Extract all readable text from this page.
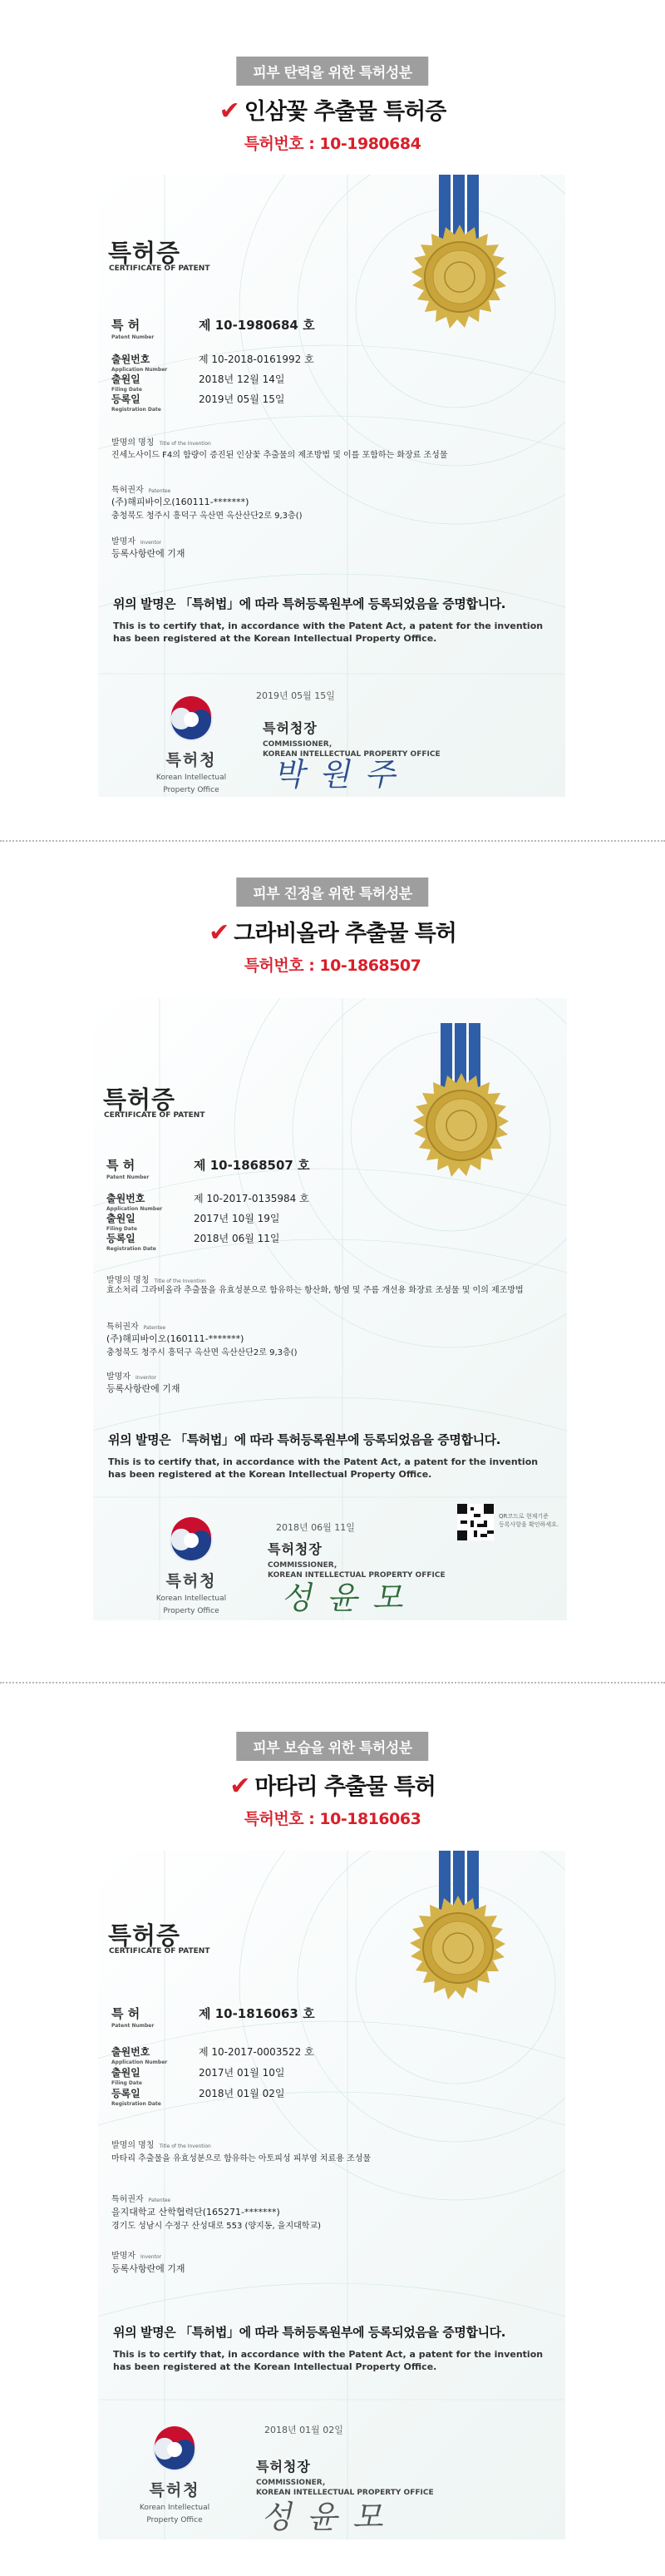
피부 탄력을 위한 특허성분
✔ 인삼꽃 추출물 특허증
특허번호 : 10-1980684
특허증
CERTIFICATE OF PATENT
특 허
Patent Number
제 10-1980684 호
출원번호
Application Number
제 10-2018-0161992 호
출원일
Filing Date
2018년 12월 14일
등록일
Registration Date
2019년 05월 15일
발명의 명칭 Title of the Invention
진세노사이드 F4의 함량이 증진된 인삼꽃 추출물의 제조방법 및 이를 포함하는 화장료 조성물
특허권자 Patentee
(주)해피바이오(160111-*******)
충청북도 청주시 흥덕구 옥산면 옥산산단2로 9,3층()
발명자 Inventor
등록사항란에 기재
위의 발명은 「특허법」에 따라 특허등록원부에 등록되었음을 증명합니다.
This is to certify that, in accordance with the Patent Act, a patent for the invention
has been registered at the Korean Intellectual Property Office.
특허청
Korean Intellectual
Property Office
2019년 05월 15일
특허청장
COMMISSIONER,
KOREAN INTELLECTUAL PROPERTY OFFICE
박원주
피부 진정을 위한 특허성분
✔ 그라비올라 추출물 특허
특허번호 : 10-1868507
특허증
CERTIFICATE OF PATENT
특 허
Patent Number
제 10-1868507 호
출원번호
Application Number
제 10-2017-0135984 호
출원일
Filing Date
2017년 10월 19일
등록일
Registration Date
2018년 06월 11일
발명의 명칭 Title of the Invention
효소처리 그라비올라 추출물을 유효성분으로 함유하는 항산화, 항염 및 주름 개선용 화장료 조성물 및 이의 제조방법
특허권자 Patentee
(주)해피바이오(160111-*******)
충청북도 청주시 흥덕구 옥산면 옥산산단2로 9,3층()
발명자 Inventor
등록사항란에 기재
위의 발명은 「특허법」에 따라 특허등록원부에 등록되었음을 증명합니다.
This is to certify that, in accordance with the Patent Act, a patent for the invention
has been registered at the Korean Intellectual Property Office.
특허청
Korean Intellectual
Property Office
2018년 06월 11일
QR코드로 현재기준
등록사항을 확인하세요.
특허청장
COMMISSIONER,
KOREAN INTELLECTUAL PROPERTY OFFICE
성윤모
피부 보습을 위한 특허성분
✔ 마타리 추출물 특허
특허번호 : 10-1816063
특허증
CERTIFICATE OF PATENT
특 허
Patent Number
제 10-1816063 호
출원번호
Application Number
제 10-2017-0003522 호
출원일
Filing Date
2017년 01월 10일
등록일
Registration Date
2018년 01월 02일
발명의 명칭 Title of the Invention
마타리 추출물을 유효성분으로 함유하는 아토피성 피부염 치료용 조성물
특허권자 Patentee
을지대학교 산학협력단(165271-*******)
경기도 성남시 수정구 산성대로 553 (양지동, 을지대학교)
발명자 Inventor
등록사항란에 기재
위의 발명은 「특허법」에 따라 특허등록원부에 등록되었음을 증명합니다.
This is to certify that, in accordance with the Patent Act, a patent for the invention
has been registered at the Korean Intellectual Property Office.
특허청
Korean Intellectual
Property Office
2018년 01월 02일
특허청장
COMMISSIONER,
KOREAN INTELLECTUAL PROPERTY OFFICE
성윤모
